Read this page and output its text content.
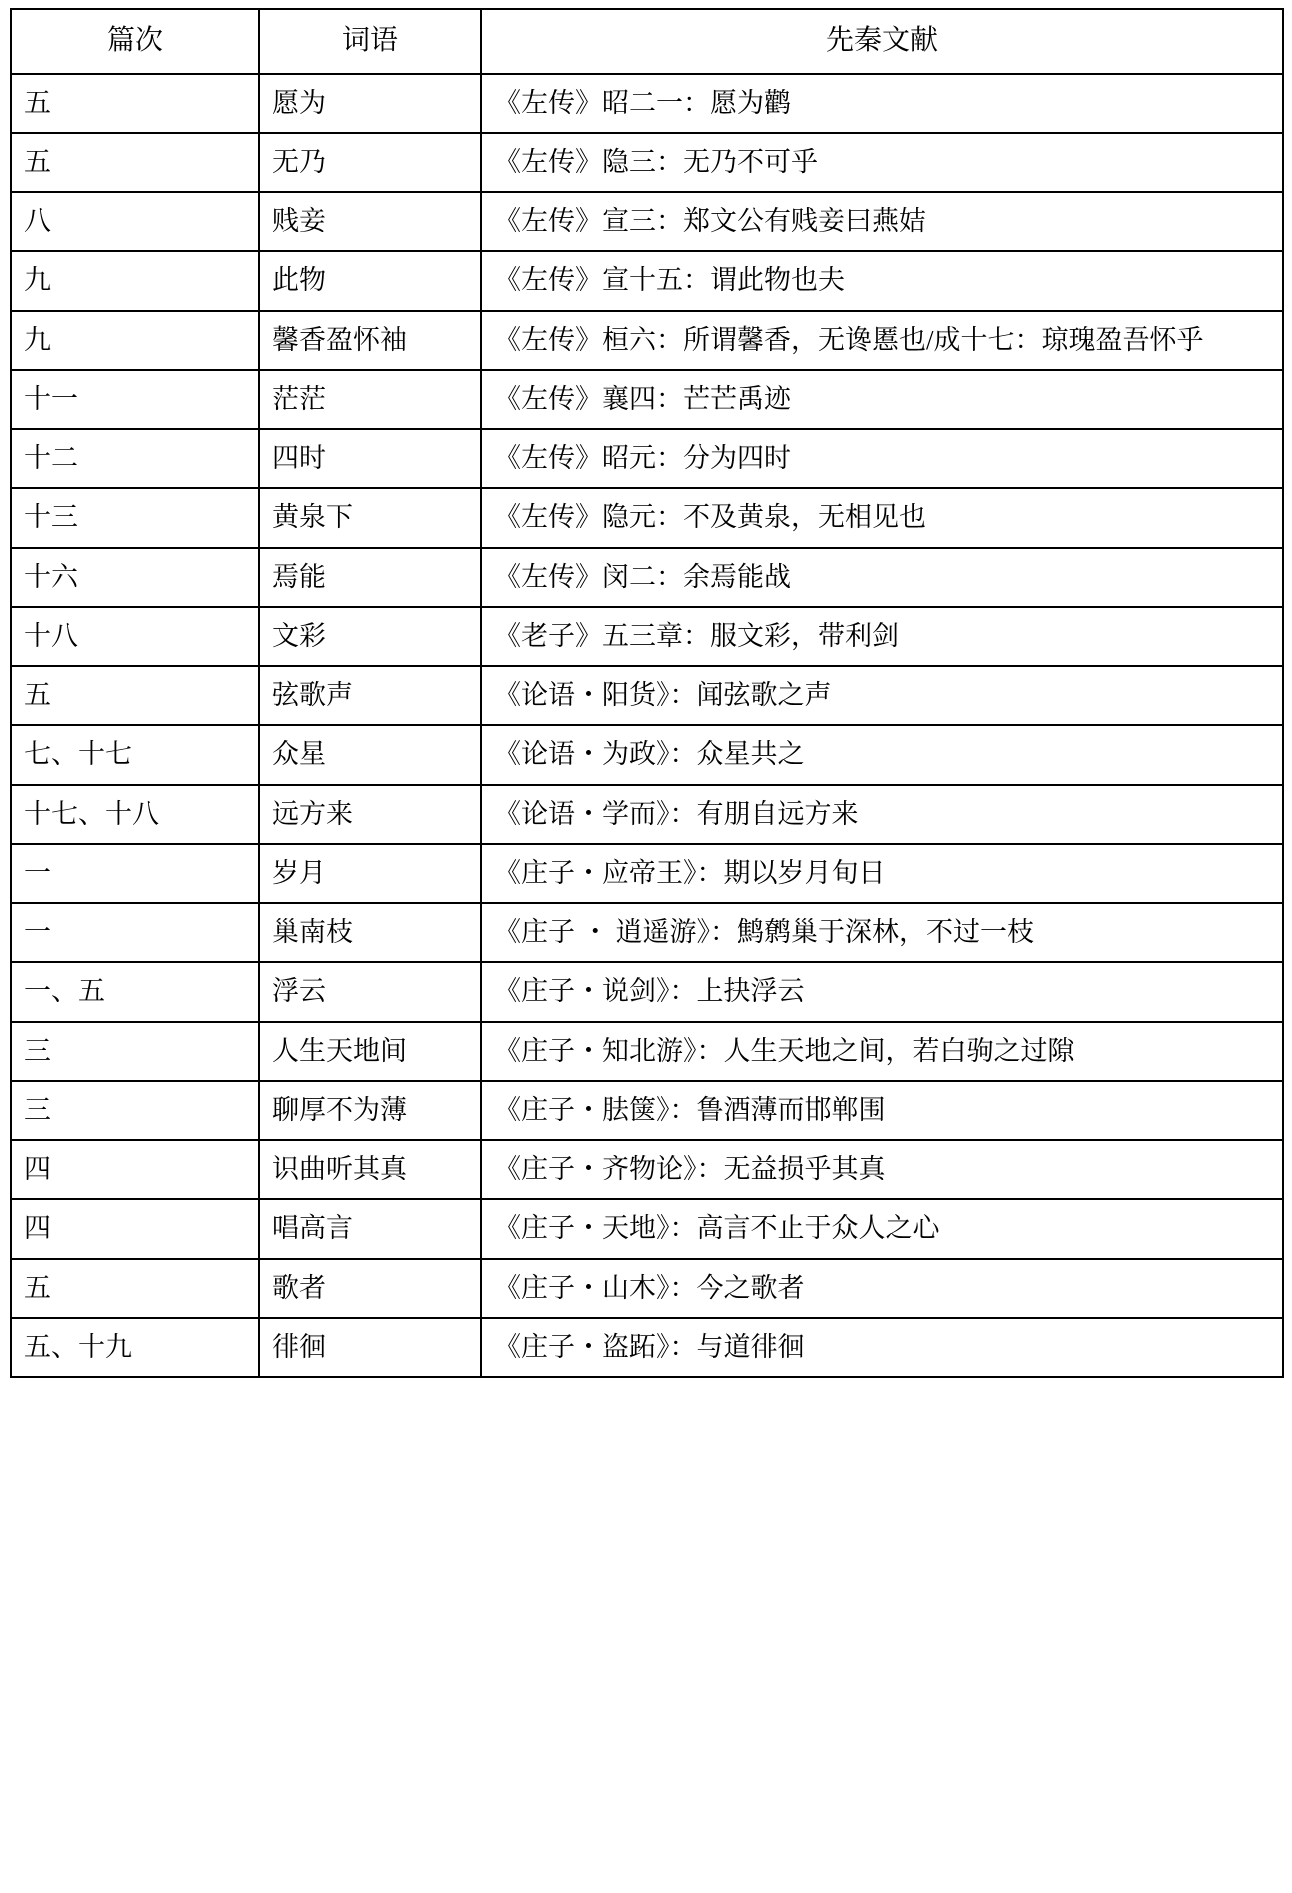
篇次	词语	先秦文献
五	愿为	《左传》昭二一：愿为鹳
五	无乃	《左传》隐三：无乃不可乎
八	贱妾	《左传》宣三：郑文公有贱妾曰燕姞
九	此物	《左传》宣十五：谓此物也夫
九	馨香盈怀袖	《左传》桓六：所谓馨香，无谗慝也/成十七：琼瑰盈吾怀乎
十一	茫茫	《左传》襄四：芒芒禹迹
十二	四时	《左传》昭元：分为四时
十三	黄泉下	《左传》隐元：不及黄泉，无相见也
十六	焉能	《左传》闵二：余焉能战
十八	文彩	《老子》五三章：服文彩，带利剑
五	弦歌声	《论语・阳货》：闻弦歌之声
七、十七	众星	《论语・为政》：众星共之
十七、十八	远方来	《论语・学而》：有朋自远方来
一	岁月	《庄子・应帝王》：期以岁月旬日
一	巢南枝	《庄子 ・ 逍遥游》：鹪鹩巢于深林，不过一枝
一、五	浮云	《庄子・说剑》：上抉浮云
三	人生天地间	《庄子・知北游》：人生天地之间，若白驹之过隙
三	聊厚不为薄	《庄子・胠箧》：鲁酒薄而邯郸围
四	识曲听其真	《庄子・齐物论》：无益损乎其真
四	唱高言	《庄子・天地》：高言不止于众人之心
五	歌者	《庄子・山木》：今之歌者
五、十九	徘徊	《庄子・盗跖》：与道徘徊
